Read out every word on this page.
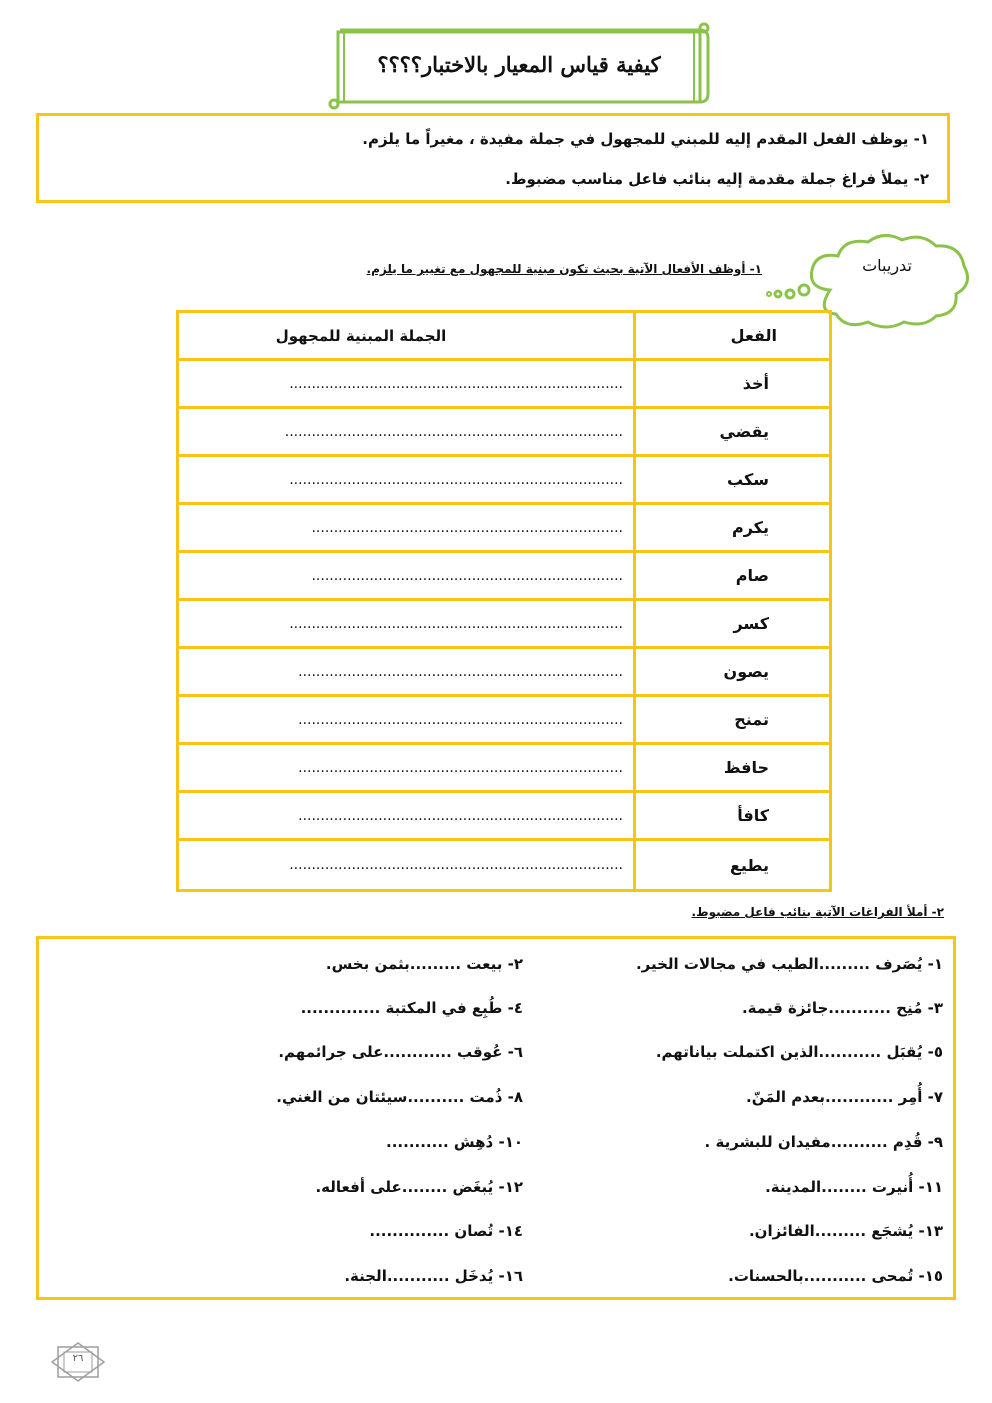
كيفية قياس المعيار بالاختبار؟؟؟؟
١- يوظف الفعل المقدم إليه للمبني للمجهول في جملة مفيدة ، مغيراً ما يلزم.
٢- يملأ فراغ جملة مقدمة إليه بنائب فاعل مناسب مضبوط.
تدريبات
١- أوظف الأفعال الآتية بحيث تكون مبنية للمجهول مع تغيير ما يلزم.
الفعل
الجملة المبنية للمجهول
أخذ
...........................................................................
يقضي
............................................................................
سكب
...........................................................................
يكرم
......................................................................
صام
......................................................................
كسر
...........................................................................
يصون
.........................................................................
تمنح
.........................................................................
حافظ
.........................................................................
كافأ
.........................................................................
يطيع
...........................................................................
٢- أملأ الفراغات الآتية بنائب فاعل مضبوط.
١- يُصَرف .........الطيب في مجالات الخير.
٢- بيعت .........بثمن بخس.
٣- مُنِح ...........جائزة قيمة.
٤- طُبِع في المكتبة ..............
٥- يُقبَل ...........الذين اكتملت بياناتهم.
٦- عُوقب ............على جرائمهم.
٧- أُمِر ............بعدم المَنّ.
٨- ذُمت ..........سيئتان من الغني.
٩- قُدِم ..........مفيدان للبشرية .
١٠- دُهِش ...........
١١- أُنيرت ........المدينة.
١٢- يُبغَض ........على أفعاله.
١٣- يُشجَع .........الفائزان.
١٤- تُصان ..............
١٥- تُمحى ...........بالحسنات.
١٦- يُدخَل ...........الجنة.
٢٦
